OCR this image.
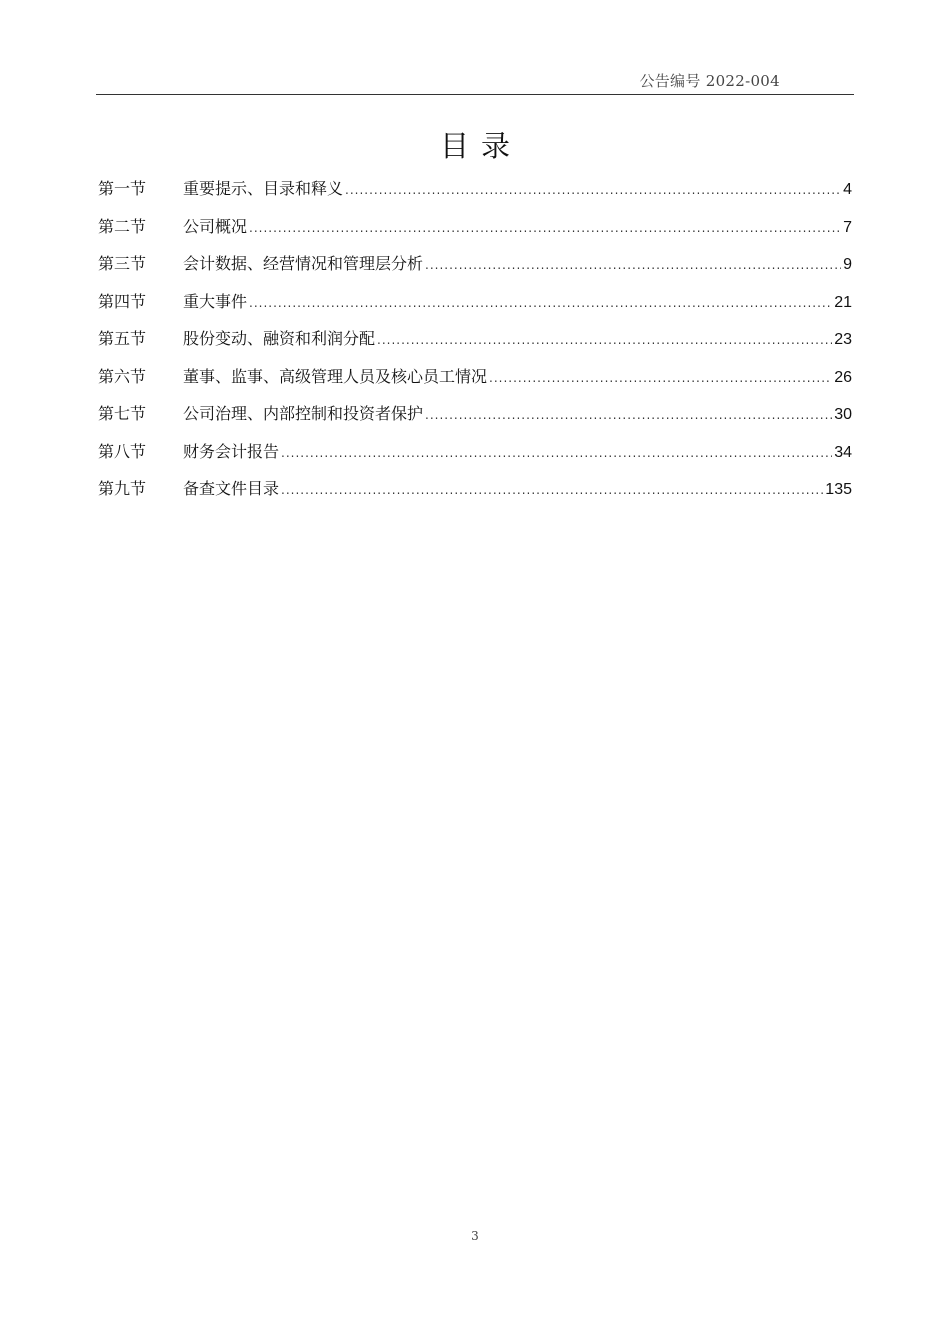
公告编号 2022-004
目录
第一节	重要提示、目录和释义 .....	4
第二节	公司概况 .....	7
第三节	会计数据、经营情况和管理层分析 .....	9
第四节	重大事件 .....	21
第五节	股份变动、融资和利润分配 .....	23
第六节	董事、监事、高级管理人员及核心员工情况 .....	26
第七节	公司治理、内部控制和投资者保护 .....	30
第八节	财务会计报告 .....	34
第九节	备查文件目录 .....	135
3
